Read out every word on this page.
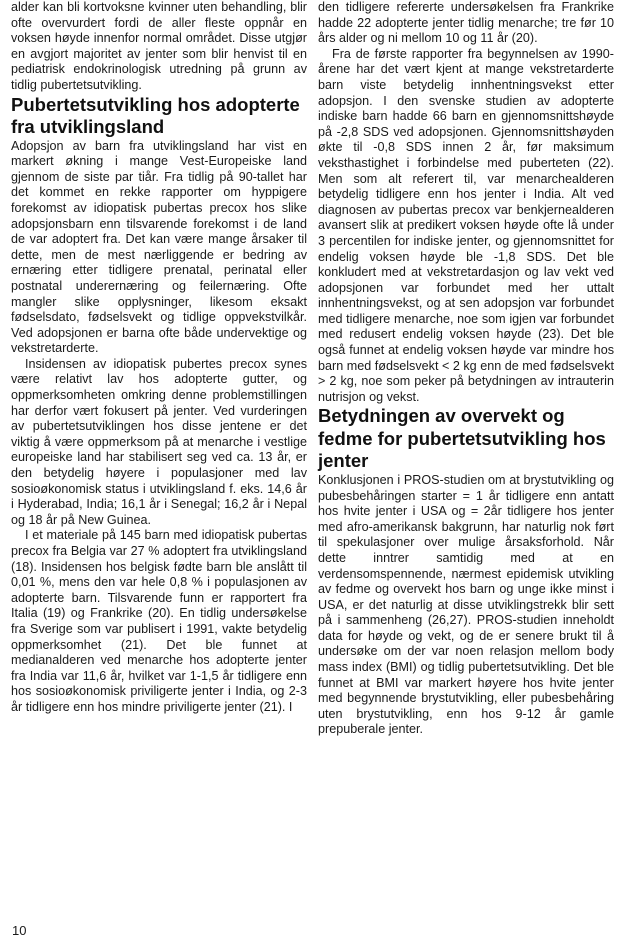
alder kan bli kortvoksne kvinner uten behandling, blir ofte overvurdert fordi de aller fleste oppnår en voksen høyde innenfor normal området. Disse utgjør en avgjort majoritet av jenter som blir henvist til en pediatrisk endokrinologisk utredning på grunn av tidlig pubertetsutvikling.

Pubertetsutvikling hos adopterte fra utviklingsland

Adopsjon av barn fra utviklingsland har vist en markert økning i mange Vest-Europeiske land gjennom de siste par tiår. Fra tidlig på 90-tallet har det kommet en rekke rapporter om hyppigere forekomst av idiopatisk pubertas precox hos slike adopsjonsbarn enn tilsvarende forekomst i de land de var adoptert fra. Det kan være mange årsaker til dette, men de mest nærliggende er bedring av ernæring etter tidligere prenatal, perinatal eller postnatal underernæring og feilernæring. Ofte mangler slike opplysninger, likesom eksakt fødselsdato, fødselsvekt og tidlige oppvekstvilkår. Ved adopsjonen er barna ofte både undervektige og vekstretarderte.

Insidensen av idiopatisk pubertes precox synes være relativt lav hos adopterte gutter, og oppmerksomheten omkring denne problemstillingen har derfor vært fokusert på jenter. Ved vurderingen av pubertetsutviklingen hos disse jentene er det viktig å være oppmerksom på at menarche i vestlige europeiske land har stabilisert seg ved ca. 13 år, er den betydelig høyere i populasjoner med lav sosioøkonomisk status i utviklingsland f. eks. 14,6 år i Hyderabad, India; 16,1 år i Senegal; 16,2 år i Nepal og 18 år på New Guinea.

I et materiale på 145 barn med idiopatisk pubertas precox fra Belgia var 27 % adoptert fra utviklingsland (18). Insidensen hos belgisk fødte barn ble anslått til 0,01 %, mens den var hele 0,8 % i populasjonen av adopterte barn. Tilsvarende funn er rapportert fra Italia (19) og Frankrike (20). En tidlig undersøkelse fra Sverige som var publisert i 1991, vakte betydelig oppmerksomhet (21). Det ble funnet at medianalderen ved menarche hos adopterte jenter fra India var 11,6 år, hvilket var 1-1,5 år tidligere enn hos sosioøkonomisk priviligerte jenter i India, og 2-3 år tidligere enn hos mindre priviligerte jenter (21). I

den tidligere refererte undersøkelsen fra Frankrike hadde 22 adopterte jenter tidlig menarche; tre før 10 års alder og ni mellom 10 og 11 år (20).

Fra de første rapporter fra begynnelsen av 1990-årene har det vært kjent at mange vekstretarderte barn viste betydelig innhentningsvekst etter adopsjon. I den svenske studien av adopterte indiske barn hadde 66 barn en gjennomsnittshøyde på -2,8 SDS ved adopsjonen. Gjennomsnittshøyden økte til -0,8 SDS innen 2 år, før maksimum veksthastighet i forbindelse med puberteten (22). Men som alt referert til, var menarchealderen betydelig tidligere enn hos jenter i India. Alt ved diagnosen av pubertas precox var benkjernealderen avansert slik at predikert voksen høyde ofte lå under 3 percentilen for indiske jenter, og gjennomsnittet for endelig voksen høyde ble -1,8 SDS. Det ble konkludert med at vekstretardasjon og lav vekt ved adopsjonen var forbundet med her uttalt innhentningsvekst, og at sen adopsjon var forbundet med tidligere menarche, noe som igjen var forbundet med redusert endelig voksen høyde (23). Det ble også funnet at endelig voksen høyde var mindre hos barn med fødselsvekt < 2 kg enn de med fødselsvekt > 2 kg, noe som peker på betydningen av intrauterin nutrisjon og vekst.

Betydningen av overvekt og fedme for pubertetsutvikling hos jenter

Konklusjonen i PROS-studien om at brystutvikling og pubesbehåringen starter = 1 år tidligere enn antatt hos hvite jenter i USA og = 2år tidligere hos jenter med afro-amerikansk bakgrunn, har naturlig nok ført til spekulasjoner over mulige årsaksforhold. Når dette inntrer samtidig med at en verdensomspennende, nærmest epidemisk utvikling av fedme og overvekt hos barn og unge ikke minst i USA, er det naturlig at disse utviklingstrekk blir sett på i sammenheng (26,27). PROS-studien inneholdt data for høyde og vekt, og de er senere brukt til å undersøke om der var noen relasjon mellom body mass index (BMI) og tidlig pubertetsutvikling. Det ble funnet at BMI var markert høyere hos hvite jenter med begynnende brystutvikling, eller pubesbehåring uten brystutvikling, enn hos 9-12 år gamle prepuberale jenter.

10
